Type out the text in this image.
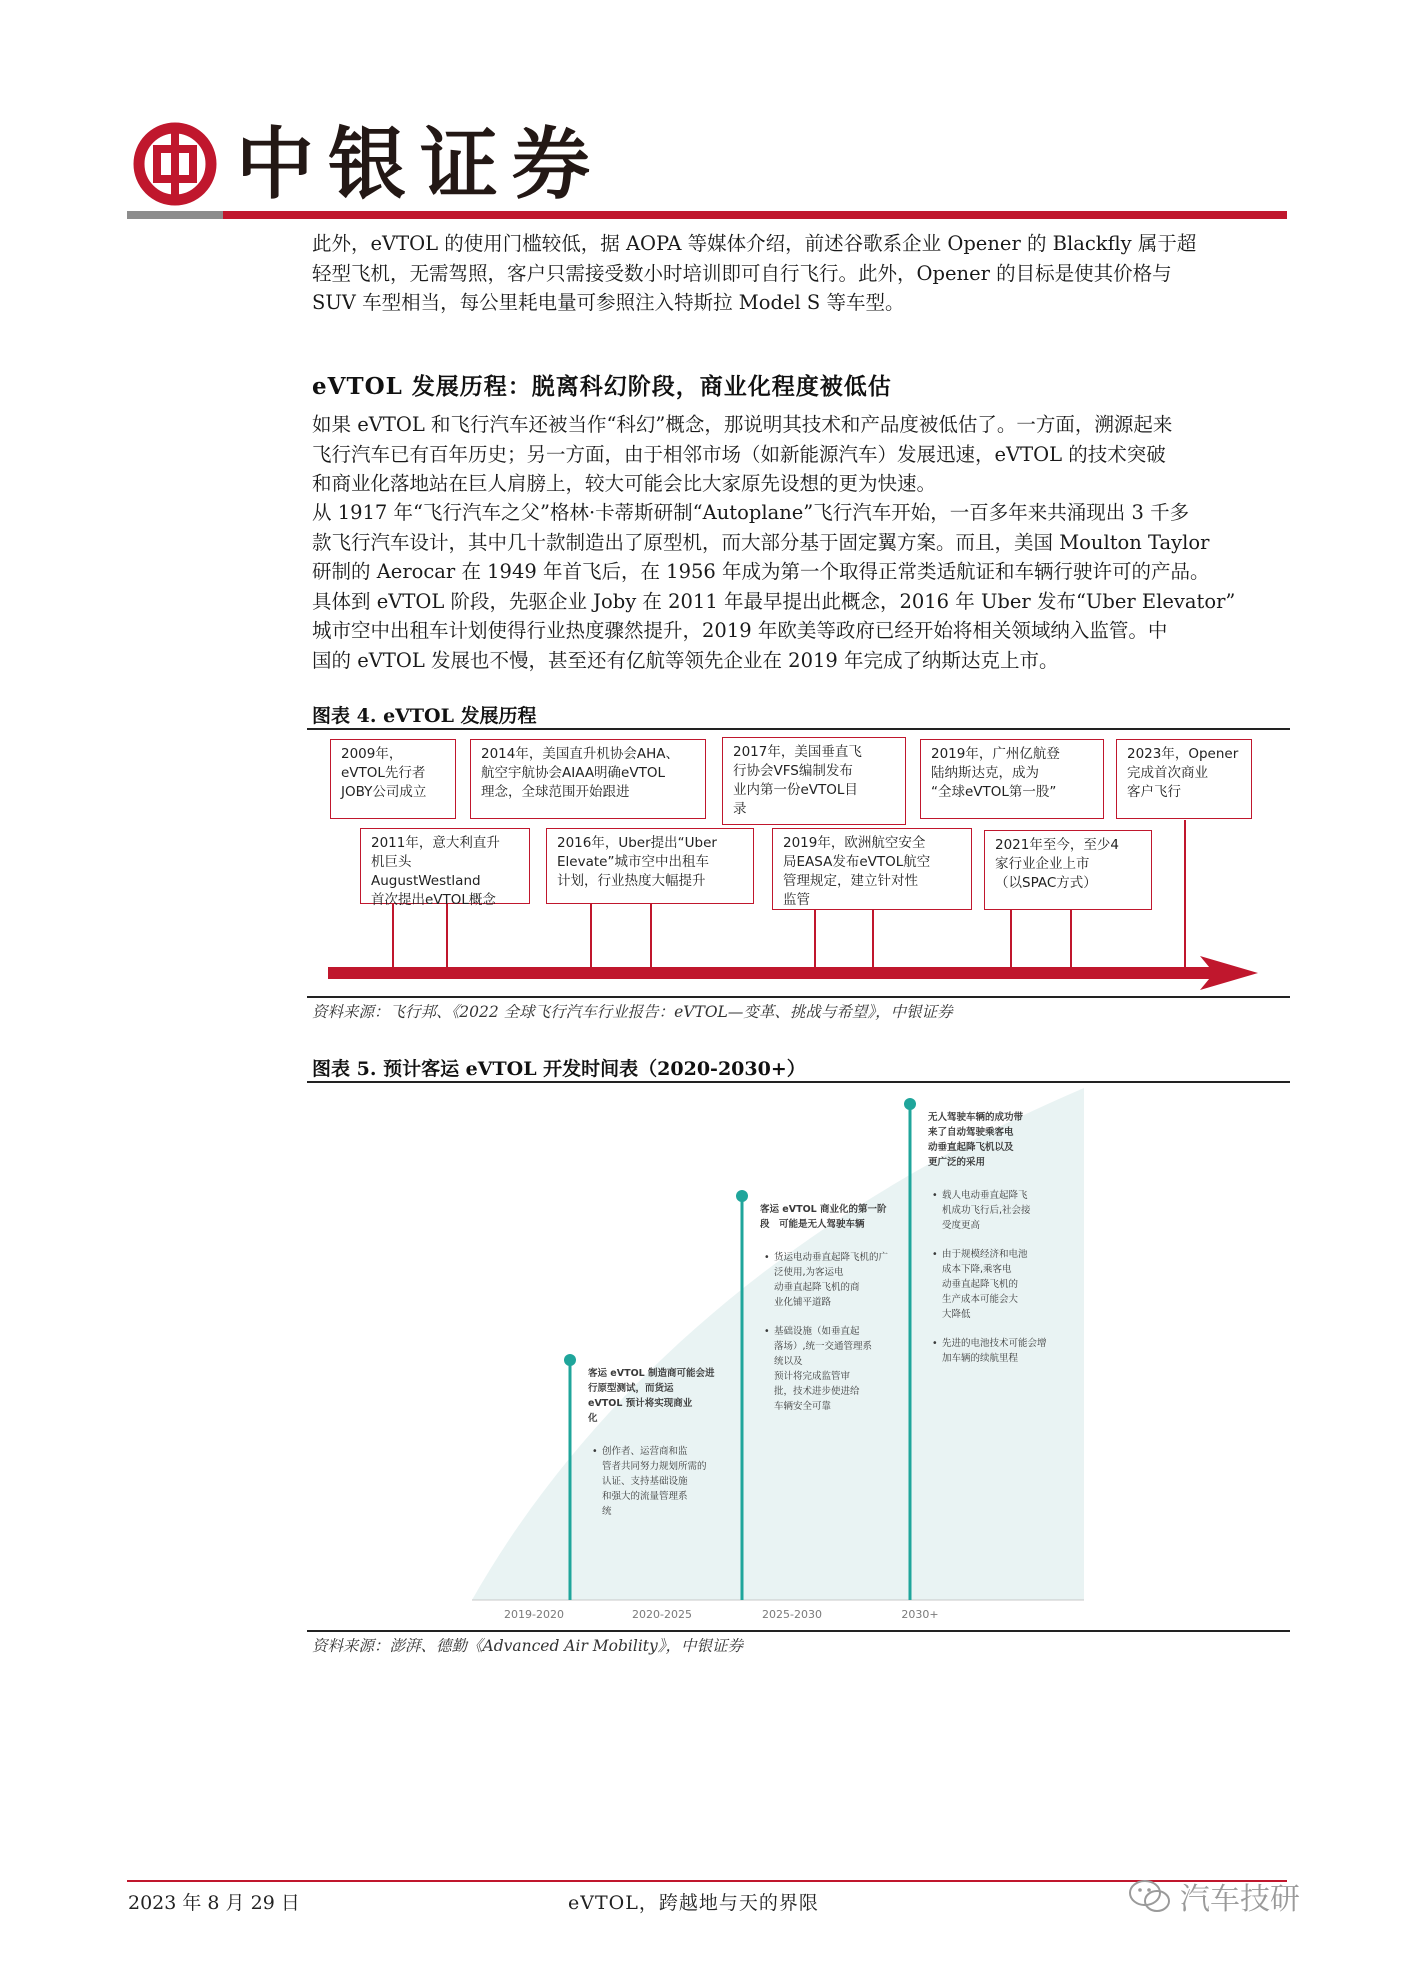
中银证券

此外，eVTOL 的使用门槛较低，据 AOPA 等媒体介绍，前述谷歌系企业 Opener 的 Blackfly 属于超

轻型飞机，无需驾照，客户只需接受数小时培训即可自行飞行。此外，Opener 的目标是使其价格与

SUV 车型相当，每公里耗电量可参照注入特斯拉 Model S 等车型。

eVTOL 发展历程：脱离科幻阶段，商业化程度被低估

如果 eVTOL 和飞行汽车还被当作“科幻”概念，那说明其技术和产品度被低估了。一方面，溯源起来

飞行汽车已有百年历史；另一方面，由于相邻市场（如新能源汽车）发展迅速，eVTOL 的技术突破

和商业化落地站在巨人肩膀上，较大可能会比大家原先设想的更为快速。

从 1917 年“飞行汽车之父”格林·卡蒂斯研制“Autoplane”飞行汽车开始，一百多年来共涌现出 3 千多

款飞行汽车设计，其中几十款制造出了原型机，而大部分基于固定翼方案。而且，美国 Moulton Taylor

研制的 Aerocar 在 1949 年首飞后，在 1956 年成为第一个取得正常类适航证和车辆行驶许可的产品。

具体到 eVTOL 阶段，先驱企业 Joby 在 2011 年最早提出此概念，2016 年 Uber 发布“Uber Elevator”

城市空中出租车计划使得行业热度骤然提升，2019 年欧美等政府已经开始将相关领域纳入监管。中

国的 eVTOL 发展也不慢，甚至还有亿航等领先企业在 2019 年完成了纳斯达克上市。

图表 4. eVTOL 发展历程
2009年，
eVTOL先行者
JOBY公司成立
2014年，美国直升机协会AHA、
航空宇航协会AIAA明确eVTOL
理念，全球范围开始跟进
2017年，美国垂直飞
行协会VFS编制发布
业内第一份eVTOL目
录
2019年，广州亿航登
陆纳斯达克，成为
“全球eVTOL第一股”
2023年，Opener
完成首次商业
客户飞行
2011年，意大利直升
机巨头AugustWestland
首次提出eVTOL概念
2016年，Uber提出“Uber
Elevate”城市空中出租车
计划，行业热度大幅提升
2019年，欧洲航空安全
局EASA发布eVTOL航空
管理规定，建立针对性
监管
2021年至今，至少4
家行业企业上市
（以SPAC方式）
资料来源：飞行邦、《2022 全球飞行汽车行业报告：eVTOL—变革、挑战与希望》，中银证券
图表 5. 预计客运 eVTOL 开发时间表（2020-2030+）
2019-2020	2020-2025	2025-2030	2030+
客运 eVTOL 制造商可能会进
行原型测试，而货运
eVTOL 预计将实现商业
化
• 创作者、运营商和监
管者共同努力规划所需的
认证、支持基础设施
和强大的流量管理系
统
客运 eVTOL 商业化的第一阶
段　可能是无人驾驶车辆
• 货运电动垂直起降飞机的广
泛使用,为客运电
动垂直起降飞机的商
业化铺平道路
• 基础设施（如垂直起
落场）,统一交通管理系
统以及
预计将完成监管审
批，技术进步使进给
车辆安全可靠
无人驾驶车辆的成功带
来了自动驾驶乘客电
动垂直起降飞机以及
更广泛的采用
• 载人电动垂直起降飞
机成功飞行后,社会接
受度更高
• 由于规模经济和电池
成本下降,乘客电
动垂直起降飞机的
生产成本可能会大
大降低
• 先进的电池技术可能会增
加车辆的续航里程
资料来源：澎湃、德勤《Advanced Air Mobility》，中银证券
2023 年 8 月 29 日	eVTOL，跨越地与天的界限	汽车技研
